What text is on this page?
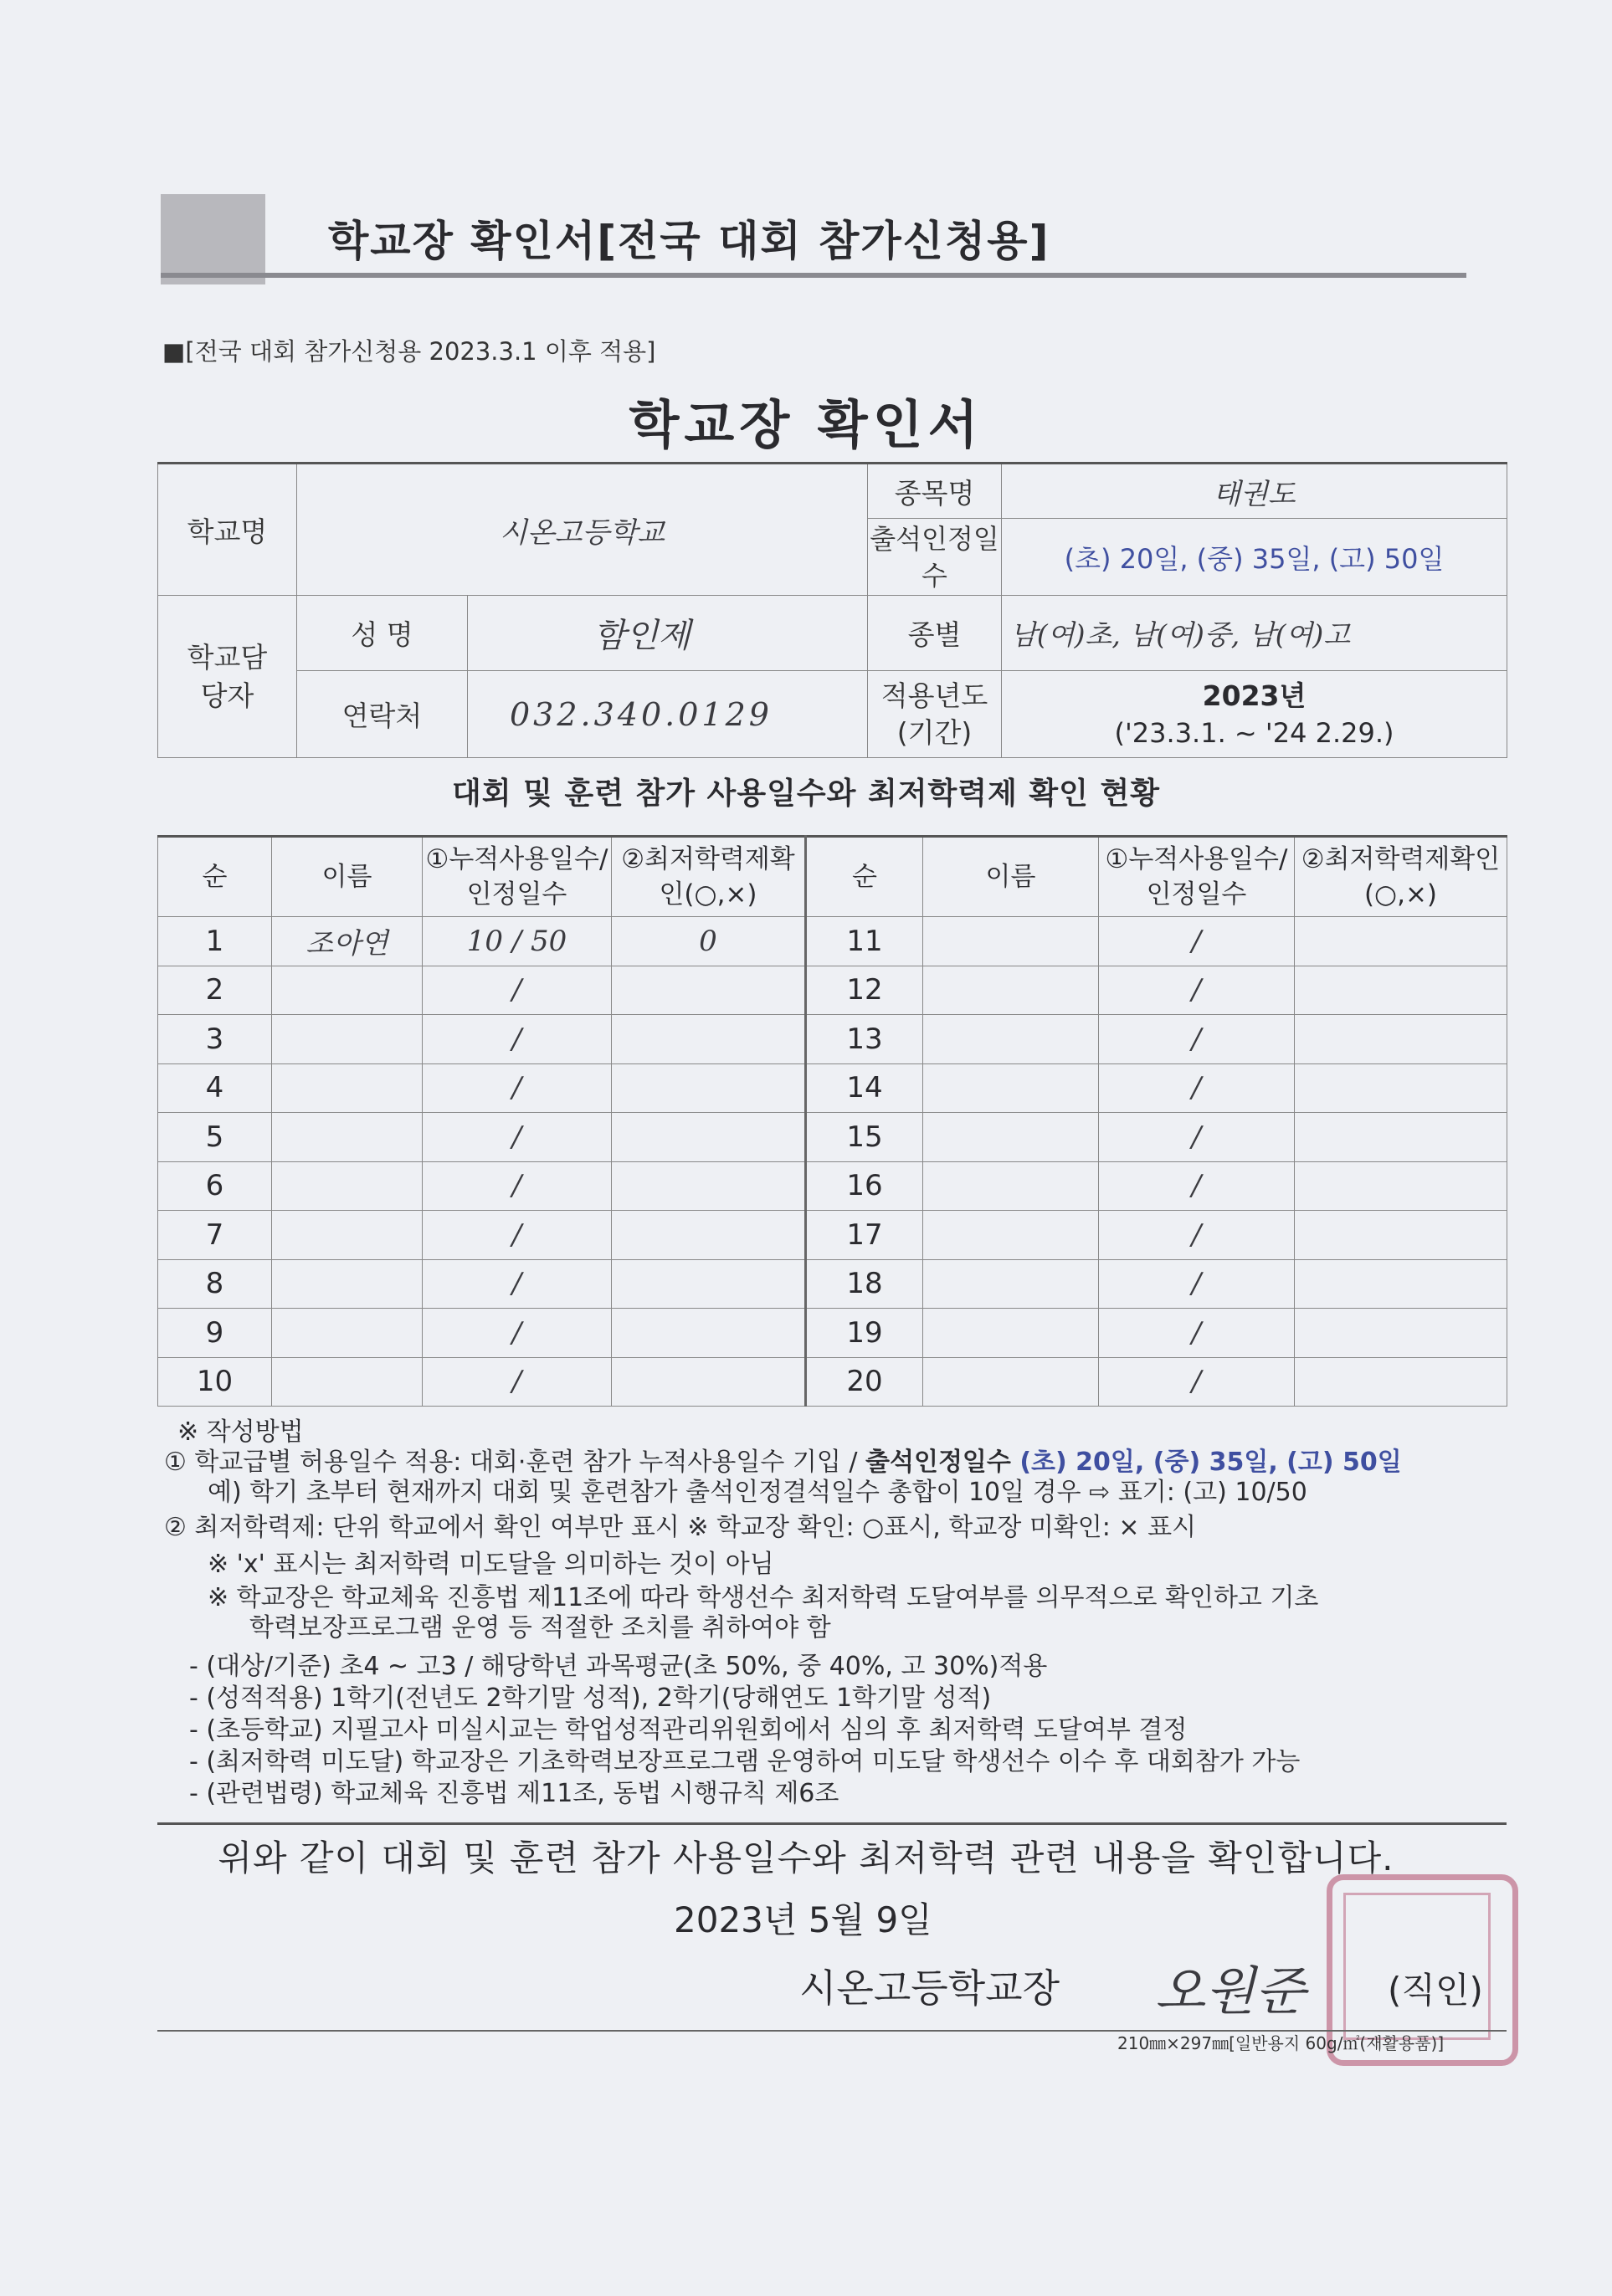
학교장 확인서[전국 대회 참가신청용]
■[전국 대회 참가신청용 2023.3.1 이후 적용]
학교장 확인서
학교명	시온고등학교		종목명	태권도
			출석인정일수	(초) 20일, (중) 35일, (고) 50일
학교담당자	성 명	함인제	종별	남(여)초, 남(여)중, 남(여)고
	연락처	032.340.0129	적용년도(기간)	2023년
('23.3.1. ~ '24 2.29.)
대회 및 훈련 참가 사용일수와 최저학력제 확인 현황
순	이름	①누적사용일수/인정일수	②최저학력제확인(○,×)	순	이름	①누적사용일수/인정일수	②최저학력제확인(○,×)
1	조아연	10 / 50	0	11		/	
2		/		12		/	
3		/		13		/	
4		/		14		/	
5		/		15		/	
6		/		16		/	
7		/		17		/	
8		/		18		/	
9		/		19		/	
10		/		20		/	
※ 작성방법
① 학교급별 허용일수 적용: 대회·훈련 참가 누적사용일수 기입 / 출석인정일수 (초) 20일, (중) 35일, (고) 50일
예) 학기 초부터 현재까지 대회 및 훈련참가 출석인정결석일수 총합이 10일 경우 ⇨ 표기: (고) 10/50
② 최저학력제: 단위 학교에서 확인 여부만 표시 ※ 학교장 확인: ○표시, 학교장 미확인: × 표시
※ 'x' 표시는 최저학력 미도달을 의미하는 것이 아님
※ 학교장은 학교체육 진흥법 제11조에 따라 학생선수 최저학력 도달여부를 의무적으로 확인하고 기초
학력보장프로그램 운영 등 적절한 조치를 취하여야 함
- (대상/기준) 초4 ~ 고3 / 해당학년 과목평균(초 50%, 중 40%, 고 30%)적용
- (성적적용) 1학기(전년도 2학기말 성적), 2학기(당해연도 1학기말 성적)
- (초등학교) 지필고사 미실시교는 학업성적관리위원회에서 심의 후 최저학력 도달여부 결정
- (최저학력 미도달) 학교장은 기초학력보장프로그램 운영하여 미도달 학생선수 이수 후 대회참가 가능
- (관련법령) 학교체육 진흥법 제11조, 동법 시행규칙 제6조
위와 같이 대회 및 훈련 참가 사용일수와 최저학력 관련 내용을 확인합니다.
2023년 5월 9일
시온고등학교장 오원준 (직인)
210㎜×297㎜[일반용지 60g/㎡(재활용품)]
